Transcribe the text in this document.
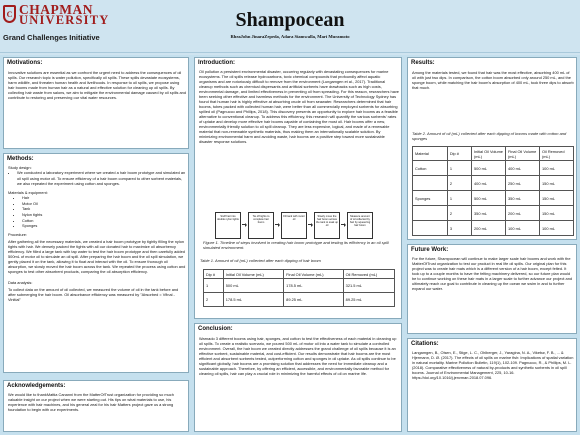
C CHAPMAN
UNIVERSITY
Grand Challenges Initiative
Shampocean
RheaJohn JinaraZepeda, Adara Siamwalla, Mari Muramoto
Motivations:
Innovative solutions are essential as we confront the urgent need to address the consequences of oil spills. Our research topic is water pollution, specifically oil spills. These spills devastate ecosystems, harm wildlife, and threaten human health and livelihoods. In response to oil spills, we propose using hair booms made from human hair as a natural and effective solution for cleaning up oil spills. By collecting hair waste from salons, we aim to mitigate the environmental damage caused by oil spills and contribute to restoring and preserving our vital water resources.
Methods:
Study design:
• We conducted a laboratory experiment where we created a hair boom prototype and simulated an oil spill using motor oil. To ensure efficiency of a hair boom compared to other sorbent materials, we also repeated the experiment using cotton and sponges.
Materials & equipment:
• Hair
• Motor Oil
• Tank
• Nylon tights
• Cotton
• Sponges
Procedure:

After gathering all the necessary materials, we created a hair boom prototype by tightly filling the nylon tights with hair. We densely packed the tights with all our donated hair to maximize oil absorbency efficiency. We filled a large tank with tap water to test the hair boom prototype and then carefully added 500mL of motor oil to simulate an oil spill. After preparing the hair boom and the oil spill simulation, we gently placed it on the tank, allowing it to float and interact with the oil. To ensure thorough oil absorption, we slowly moved the hair boom across the tank. We repeated the process using cotton and sponges to test other absorbent products, comparing the oil absorption efficiency.

Data analysis:

To collect data on the amount of oil collected, we measured the volume of oil in the tank before and after submerging the hair boom. Oil absorbance efficiency was measured by "Absorbed = Vfinal - Vinitial"

Acknowledgements:
We would like to thankMattia Cananni from the MatterOfTrust organization for providing so much valuable insight on our project when we were starting out. His tips on what materials to use, his experience with hair machines, and his general zeal for his hair Matters project gave us a strong foundation to begin with our experiments.
Introduction:
Oil pollution a persistent environmental disaster, occurring regularly with devastating consequences for marine ecosystems. The oil spills release hydrocarbons, toxic chemical compounds that profoundly affect aquatic organisms and are notoriously difficult to remove from the environment (Lungamgen et al., 2017). Traditional cleanup methods such as chemical dispersants and artificial sorbents have drawbacks such as high costs, environmental damage, and limited effectiveness in preventing oil from spreading. For this reason, researchers have been seeking other effective and harmless methods for the environment. The University of Technology Sydney has found that human hair is highly effective at absorbing crude oil from seawater. Researchers determined that hair booms, tubes packed with collected human hair, were better than all commercially employed sorbents for absorbing spilled oil (Pagnucco and Phillips, 2018). This discovery presents an opportunity to explore hair booms as a feasible alternative to conventional cleanup. To address this efficiency, this research will quantify the various sorbents' rates of uptake and develop more effective hair booms capable of containing the most oil. Hair booms offer a new, environmentally friendly solution to oil spill cleanup. They are less expensive, logical, and made of a renewable material that non-renewable synthetic materials, thus making them an internationally scalable solution. By minimizing environmental harm and avoiding waste, hair booms are a positive step toward more sustainable disaster response solutions.
Stuff hair into double nylon tights
Tie off tights to complete hair boom
Fill tank with motor oil
Slowly move the hair boom across the tank to soak up oil
Measure amount of oil collected by hair by squeezing hair boom
Figure 1. Timeline of steps involved in creating hair boom prototype and testing its efficiency in an oil spill simulated environment.
Table 1. Amount of oil (mL) collected after each dipping of hair boom
Dip #	Initial Oil Volume (mL)	Final Oil Volume (mL)	Oil Removed (mL)
1	500 mL	178.5 mL	321.5 mL
2	178.5 mL	89.25 mL	89.25 mL
Conclusion:
Warnado 3 different booms using hair, sponges, and cotton to test the effectiveness of each material in cleaning up oil spills. To create a realistic scenario, we poured 500 mL of motor oil into a water tank to simulate a controlled environment. Overall, the hair boom we created directly addresses the grand challenge of oil spills because it is an effective sorbent, sustainable material, and cost-efficient. Our results demonstrate that hair booms are the most efficient and absorbent sorbents tested, outperforming cotton and sponges in oil uptake. As oil spills continue to be significant globally, hair booms are a promising solution that addresses the need for immediate cleanup and a sustainable approach. Therefore, by offering an efficient, accessible, and environmentally favorable method for cleaning oil spills, hair can play a crucial role in minimizing the harmful effects of oil on marine life.
Results:
Among the materials tested, we found that hair was the most effective, absorbing 400 mL of oil with just two dips. In comparison, the cotton boom absorbed only around 250 mL, and the sponge boom, while matching the hair boom's absorption of 400 mL, took three dips to absorb that much.
Table 2. Amount of oil (mL) collected after each dipping of booms made with cotton and sponges
Material	Dip #	Initial Oil Volume (mL)	Final Oil Volume (mL)	Oil Removed (mL)
Cotton	1	500 mL	400 mL	100 mL
	2	400 mL	250 mL	150 mL
Sponges	1	500 mL	350 mL	150 mL
	2	350 mL	200 mL	150 mL
	3	200 mL	100 mL	100 mL
Future Work:
For the future, Shampocean will continue to make larger scale hair booms and work with the MatterOfTrust organization to test our product in real life oil spills. Our original plan for this project was to create hair mats which is a different version of a hair boom, except felted. It took up to a couple months to have the felting machinery delivered, so our future plan would be to continue working on these hair mats in a larger scale to further advance our project and ultimately reach our goal to contribute in cleaning up the ocean we swim in and to further expand our water.
Citations:
Langamgen, B., Olsen, E., Stige, L. C., Ohlberger, J., Yaragina, N. A., Vikebø, F. B., ... & Hjermann, D. Ø. (2017). The effects of oil spills on marine fish: Implications of spatial variation in natural mortality. Marine Pollution Bulletin, 119(1), 102-109. Pagnucco, R., & Phillips, M. L. (2018). Comparative effectiveness of natural by-products and synthetic sorbents in oil spill booms. Journal of Environmental Management, 225, 10-16. https://doi.org/10.1016/j.jenvman.2018.07.096.
